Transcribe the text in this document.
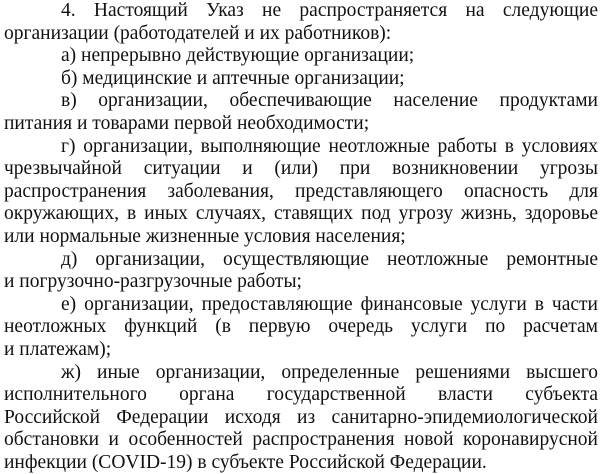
4. Настоящий Указ не распространяется на следующие
организации (работодателей и их работников):
а) непрерывно действующие организации;
б) медицинские и аптечные организации;
в) организации, обеспечивающие население продуктами
питания и товарами первой необходимости;
г) организации, выполняющие неотложные работы в условиях
чрезвычайной ситуации и (или) при возникновении угрозы
распространения заболевания, представляющего опасность для
окружающих, в иных случаях, ставящих под угрозу жизнь, здоровье
или нормальные жизненные условия населения;
д) организации, осуществляющие неотложные ремонтные
и погрузочно-разгрузочные работы;
е) организации, предоставляющие финансовые услуги в части
неотложных функций (в первую очередь услуги по расчетам
и платежам);
ж) иные организации, определенные решениями высшего
исполнительного органа государственной власти субъекта
Российской Федерации исходя из санитарно-эпидемиологической
обстановки и особенностей распространения новой коронавирусной
инфекции (COVID-19) в субъекте Российской Федерации.
